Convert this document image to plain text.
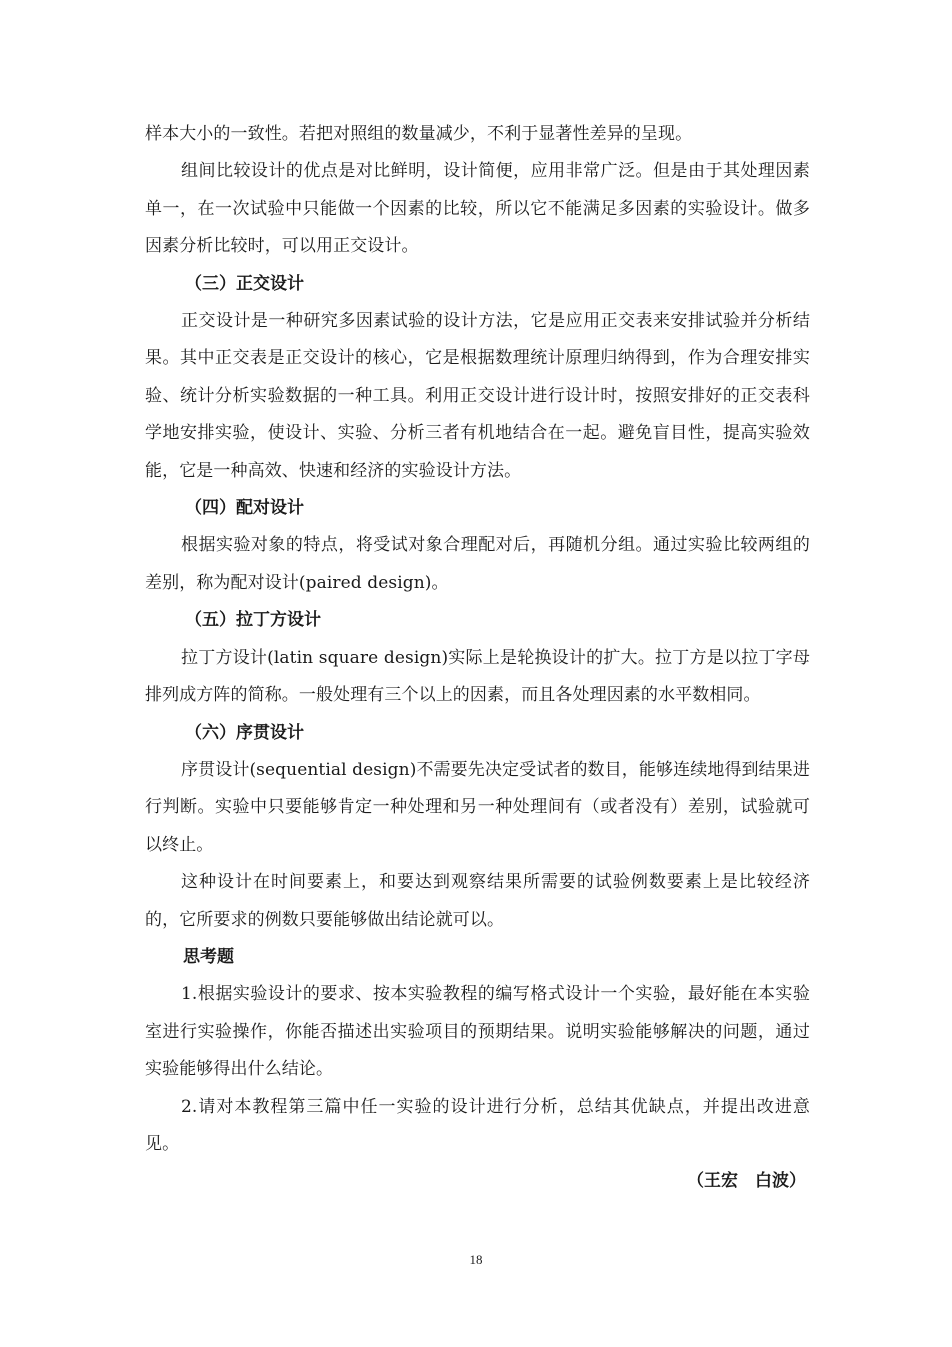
样本大小的一致性。若把对照组的数量减少，不利于显著性差异的呈现。

组间比较设计的优点是对比鲜明，设计简便，应用非常广泛。但是由于其处理因素单一，在一次试验中只能做一个因素的比较，所以它不能满足多因素的实验设计。做多因素分析比较时，可以用正交设计。

（三）正交设计

正交设计是一种研究多因素试验的设计方法，它是应用正交表来安排试验并分析结果。其中正交表是正交设计的核心，它是根据数理统计原理归纳得到，作为合理安排实验、统计分析实验数据的一种工具。利用正交设计进行设计时，按照安排好的正交表科学地安排实验，使设计、实验、分析三者有机地结合在一起。避免盲目性，提高实验效能，它是一种高效、快速和经济的实验设计方法。

（四）配对设计

根据实验对象的特点，将受试对象合理配对后，再随机分组。通过实验比较两组的差别，称为配对设计(paired design)。

（五）拉丁方设计

拉丁方设计(latin square design)实际上是轮换设计的扩大。拉丁方是以拉丁字母排列成方阵的简称。一般处理有三个以上的因素，而且各处理因素的水平数相同。

（六）序贯设计

序贯设计(sequential design)不需要先决定受试者的数目，能够连续地得到结果进行判断。实验中只要能够肯定一种处理和另一种处理间有（或者没有）差别，试验就可以终止。

这种设计在时间要素上，和要达到观察结果所需要的试验例数要素上是比较经济的，它所要求的例数只要能够做出结论就可以。

思考题

1.根据实验设计的要求、按本实验教程的编写格式设计一个实验，最好能在本实验室进行实验操作，你能否描述出实验项目的预期结果。说明实验能够解决的问题，通过实验能够得出什么结论。

2.请对本教程第三篇中任一实验的设计进行分析，总结其优缺点，并提出改进意见。

（王宏　白波）

18
